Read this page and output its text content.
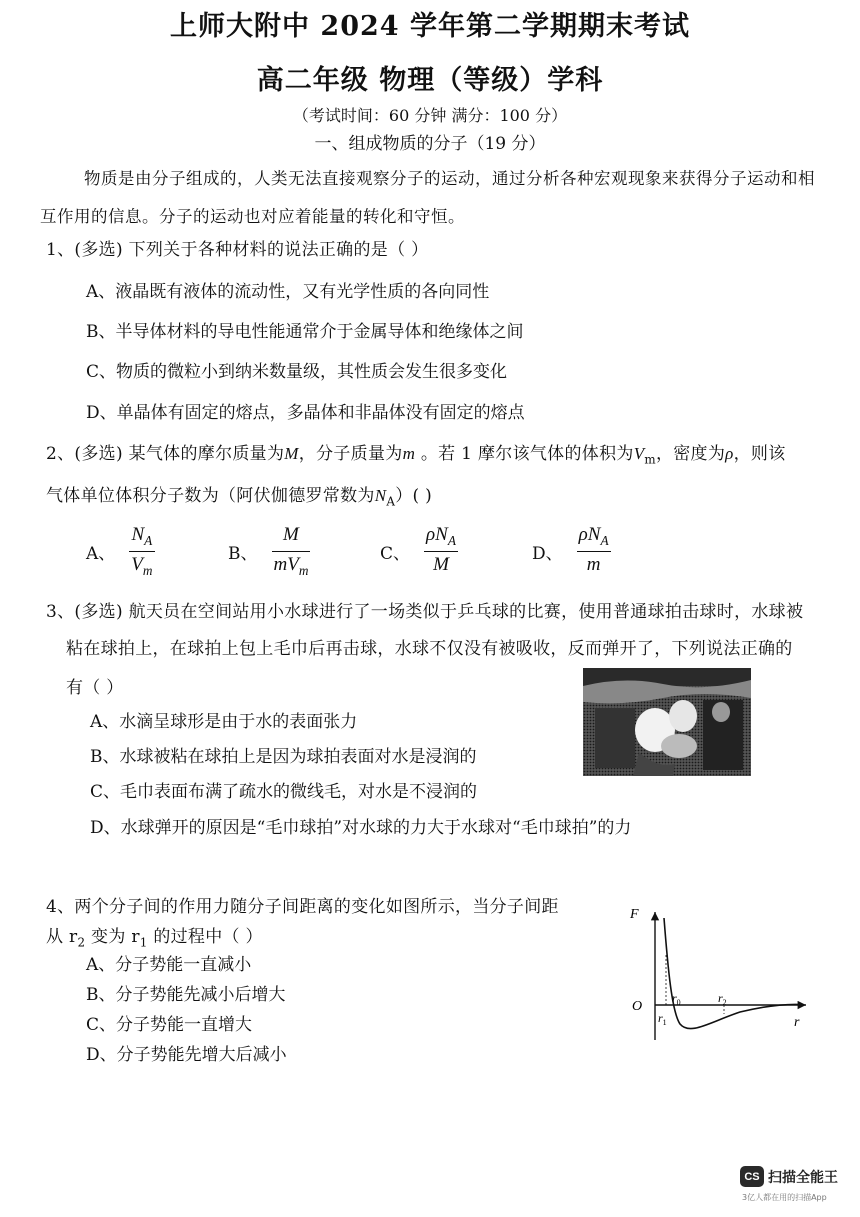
上师大附中 2024 学年第二学期期末考试
高二年级 物理（等级）学科
（考试时间：60 分钟 满分：100 分）
一、组成物质的分子（19 分）
物质是由分子组成的，人类无法直接观察分子的运动，通过分析各种宏观现象来获得分子运动和相互作用的信息。分子的运动也对应着能量的转化和守恒。
1、(多选) 下列关于各种材料的说法正确的是（ ）
A、液晶既有液体的流动性，又有光学性质的各向同性
B、半导体材料的导电性能通常介于金属导体和绝缘体之间
C、物质的微粒小到纳米数量级，其性质会发生很多变化
D、单晶体有固定的熔点，多晶体和非晶体没有固定的熔点
2、(多选) 某气体的摩尔质量为M，分子质量为m 。若 1 摩尔该气体的体积为$V_m$，密度为ρ，则该
气体单位体积分子数为（阿伏伽德罗常数为$N_A$）( )
A、 $\frac{N_A}{V_m}$	B、 $\frac{M}{mV_m}$	C、 $\frac{\rho N_A}{M}$	D、 $\frac{\rho N_A}{m}$
3、(多选) 航天员在空间站用小水球进行了一场类似于乒乓球的比赛，使用普通球拍击球时，水球被
粘在球拍上，在球拍上包上毛巾后再击球，水球不仅没有被吸收，反而弹开了，下列说法正确的
有（ ）
A、水滴呈球形是由于水的表面张力
B、水球被粘在球拍上是因为球拍表面对水是浸润的
C、毛巾表面布满了疏水的微线毛，对水是不浸润的
D、水球弹开的原因是“毛巾球拍”对水球的力大于水球对“毛巾球拍”的力
4、两个分子间的作用力随分子间距离的变化如图所示，当分子间距
从 $r_2$ 变为 $r_1$ 的过程中（ ）
A、分子势能一直减小
B、分子势能先减小后增大
C、分子势能一直增大
D、分子势能先增大后减小
F
r
O
$r_0$
$r_1$
$r_2$
CS 扫描全能王
3亿人都在用的扫描App
